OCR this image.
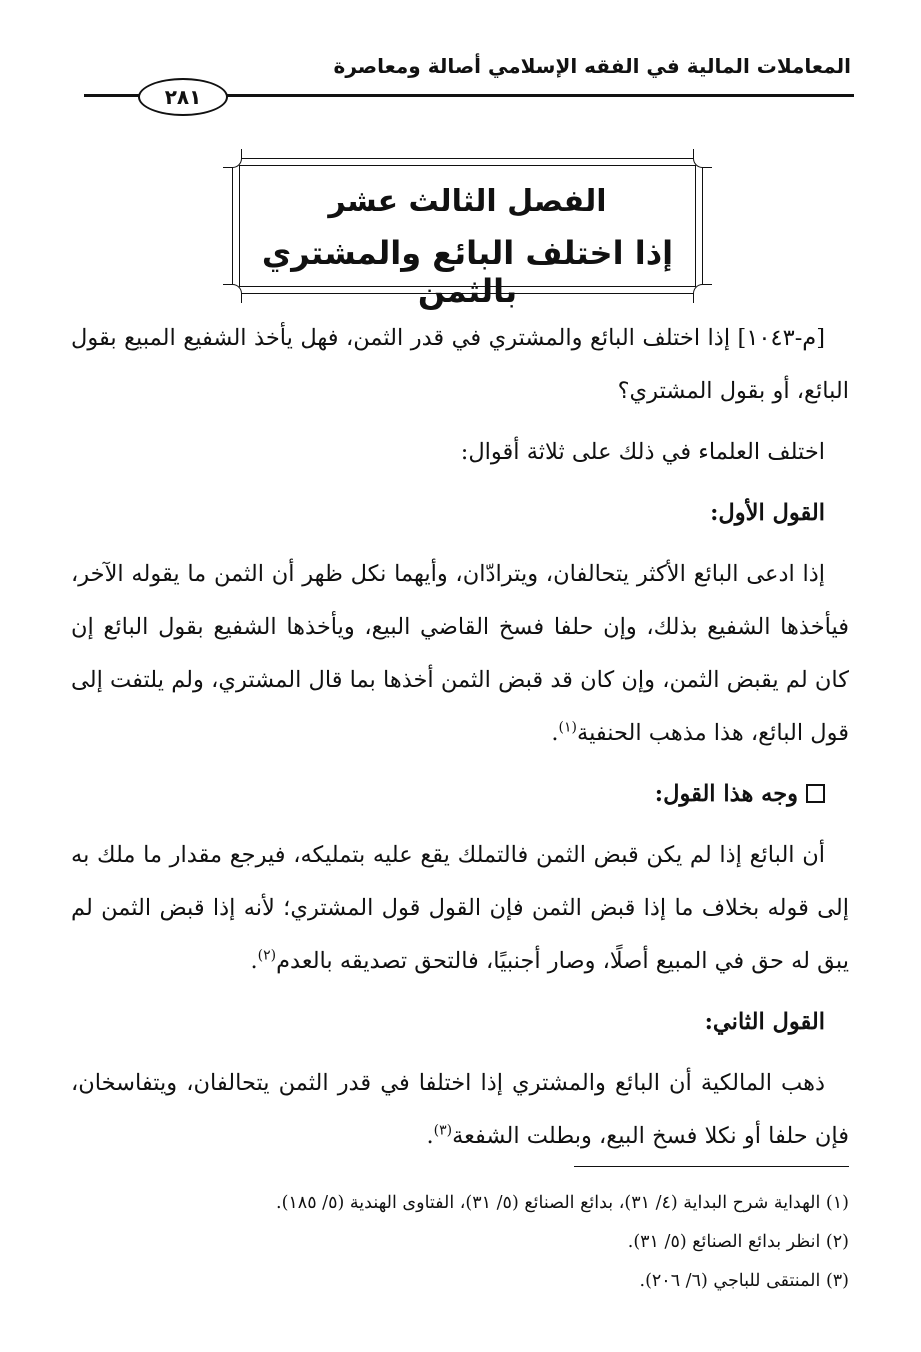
المعاملات المالية في الفقه الإسلامي أصالة ومعاصرة
٢٨١
الفصل الثالث عشر
إذا اختلف البائع والمشتري بالثمن

[م-١٠٤٣] إذا اختلف البائع والمشتري في قدر الثمن، فهل يأخذ الشفيع المبيع بقول البائع، أو بقول المشتري؟

اختلف العلماء في ذلك على ثلاثة أقوال:

القول الأول:

إذا ادعى البائع الأكثر يتحالفان، ويترادّان، وأيهما نكل ظهر أن الثمن ما يقوله الآخر، فيأخذها الشفيع بذلك، وإن حلفا فسخ القاضي البيع، ويأخذها الشفيع بقول البائع إن كان لم يقبض الثمن، وإن كان قد قبض الثمن أخذها بما قال المشتري، ولم يلتفت إلى قول البائع، هذا مذهب الحنفية$^{(١)}$.

وجه هذا القول:

أن البائع إذا لم يكن قبض الثمن فالتملك يقع عليه بتمليكه، فيرجع مقدار ما ملك به إلى قوله بخلاف ما إذا قبض الثمن فإن القول قول المشتري؛ لأنه إذا قبض الثمن لم يبق له حق في المبيع أصلًا، وصار أجنبيًا، فالتحق تصديقه بالعدم$^{(٢)}$.

القول الثاني:

ذهب المالكية أن البائع والمشتري إذا اختلفا في قدر الثمن يتحالفان، ويتفاسخان، فإن حلفا أو نكلا فسخ البيع، وبطلت الشفعة$^{(٣)}$.

(١) الهداية شرح البداية (٤/ ٣١)، بدائع الصنائع (٥/ ٣١)، الفتاوى الهندية (٥/ ١٨٥).

(٢) انظر بدائع الصنائع (٥/ ٣١).

(٣) المنتقى للباجي (٦/ ٢٠٦).
